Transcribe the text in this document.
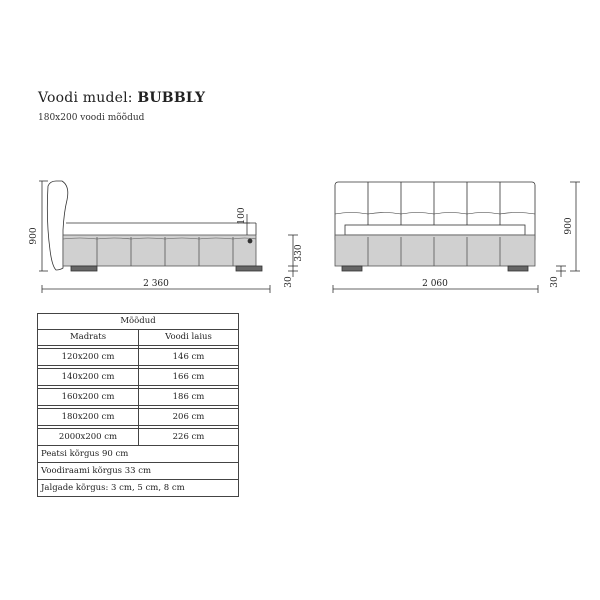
Voodi mudel: BUBBLY
180x200 voodi mõõdud
900
100
330
30
2 360
900
30
2 060
Mõõdud	
Madrats	Voodi laius

120x200 cm	146 cm

140x200 cm	166 cm

160x200 cm	186 cm

180x200 cm	206 cm

2000x200 cm	226 cm
Peatsi kõrgus 90 cm	
Voodiraami kõrgus 33 cm	
Jalgade kõrgus: 3 cm, 5 cm, 8 cm	
